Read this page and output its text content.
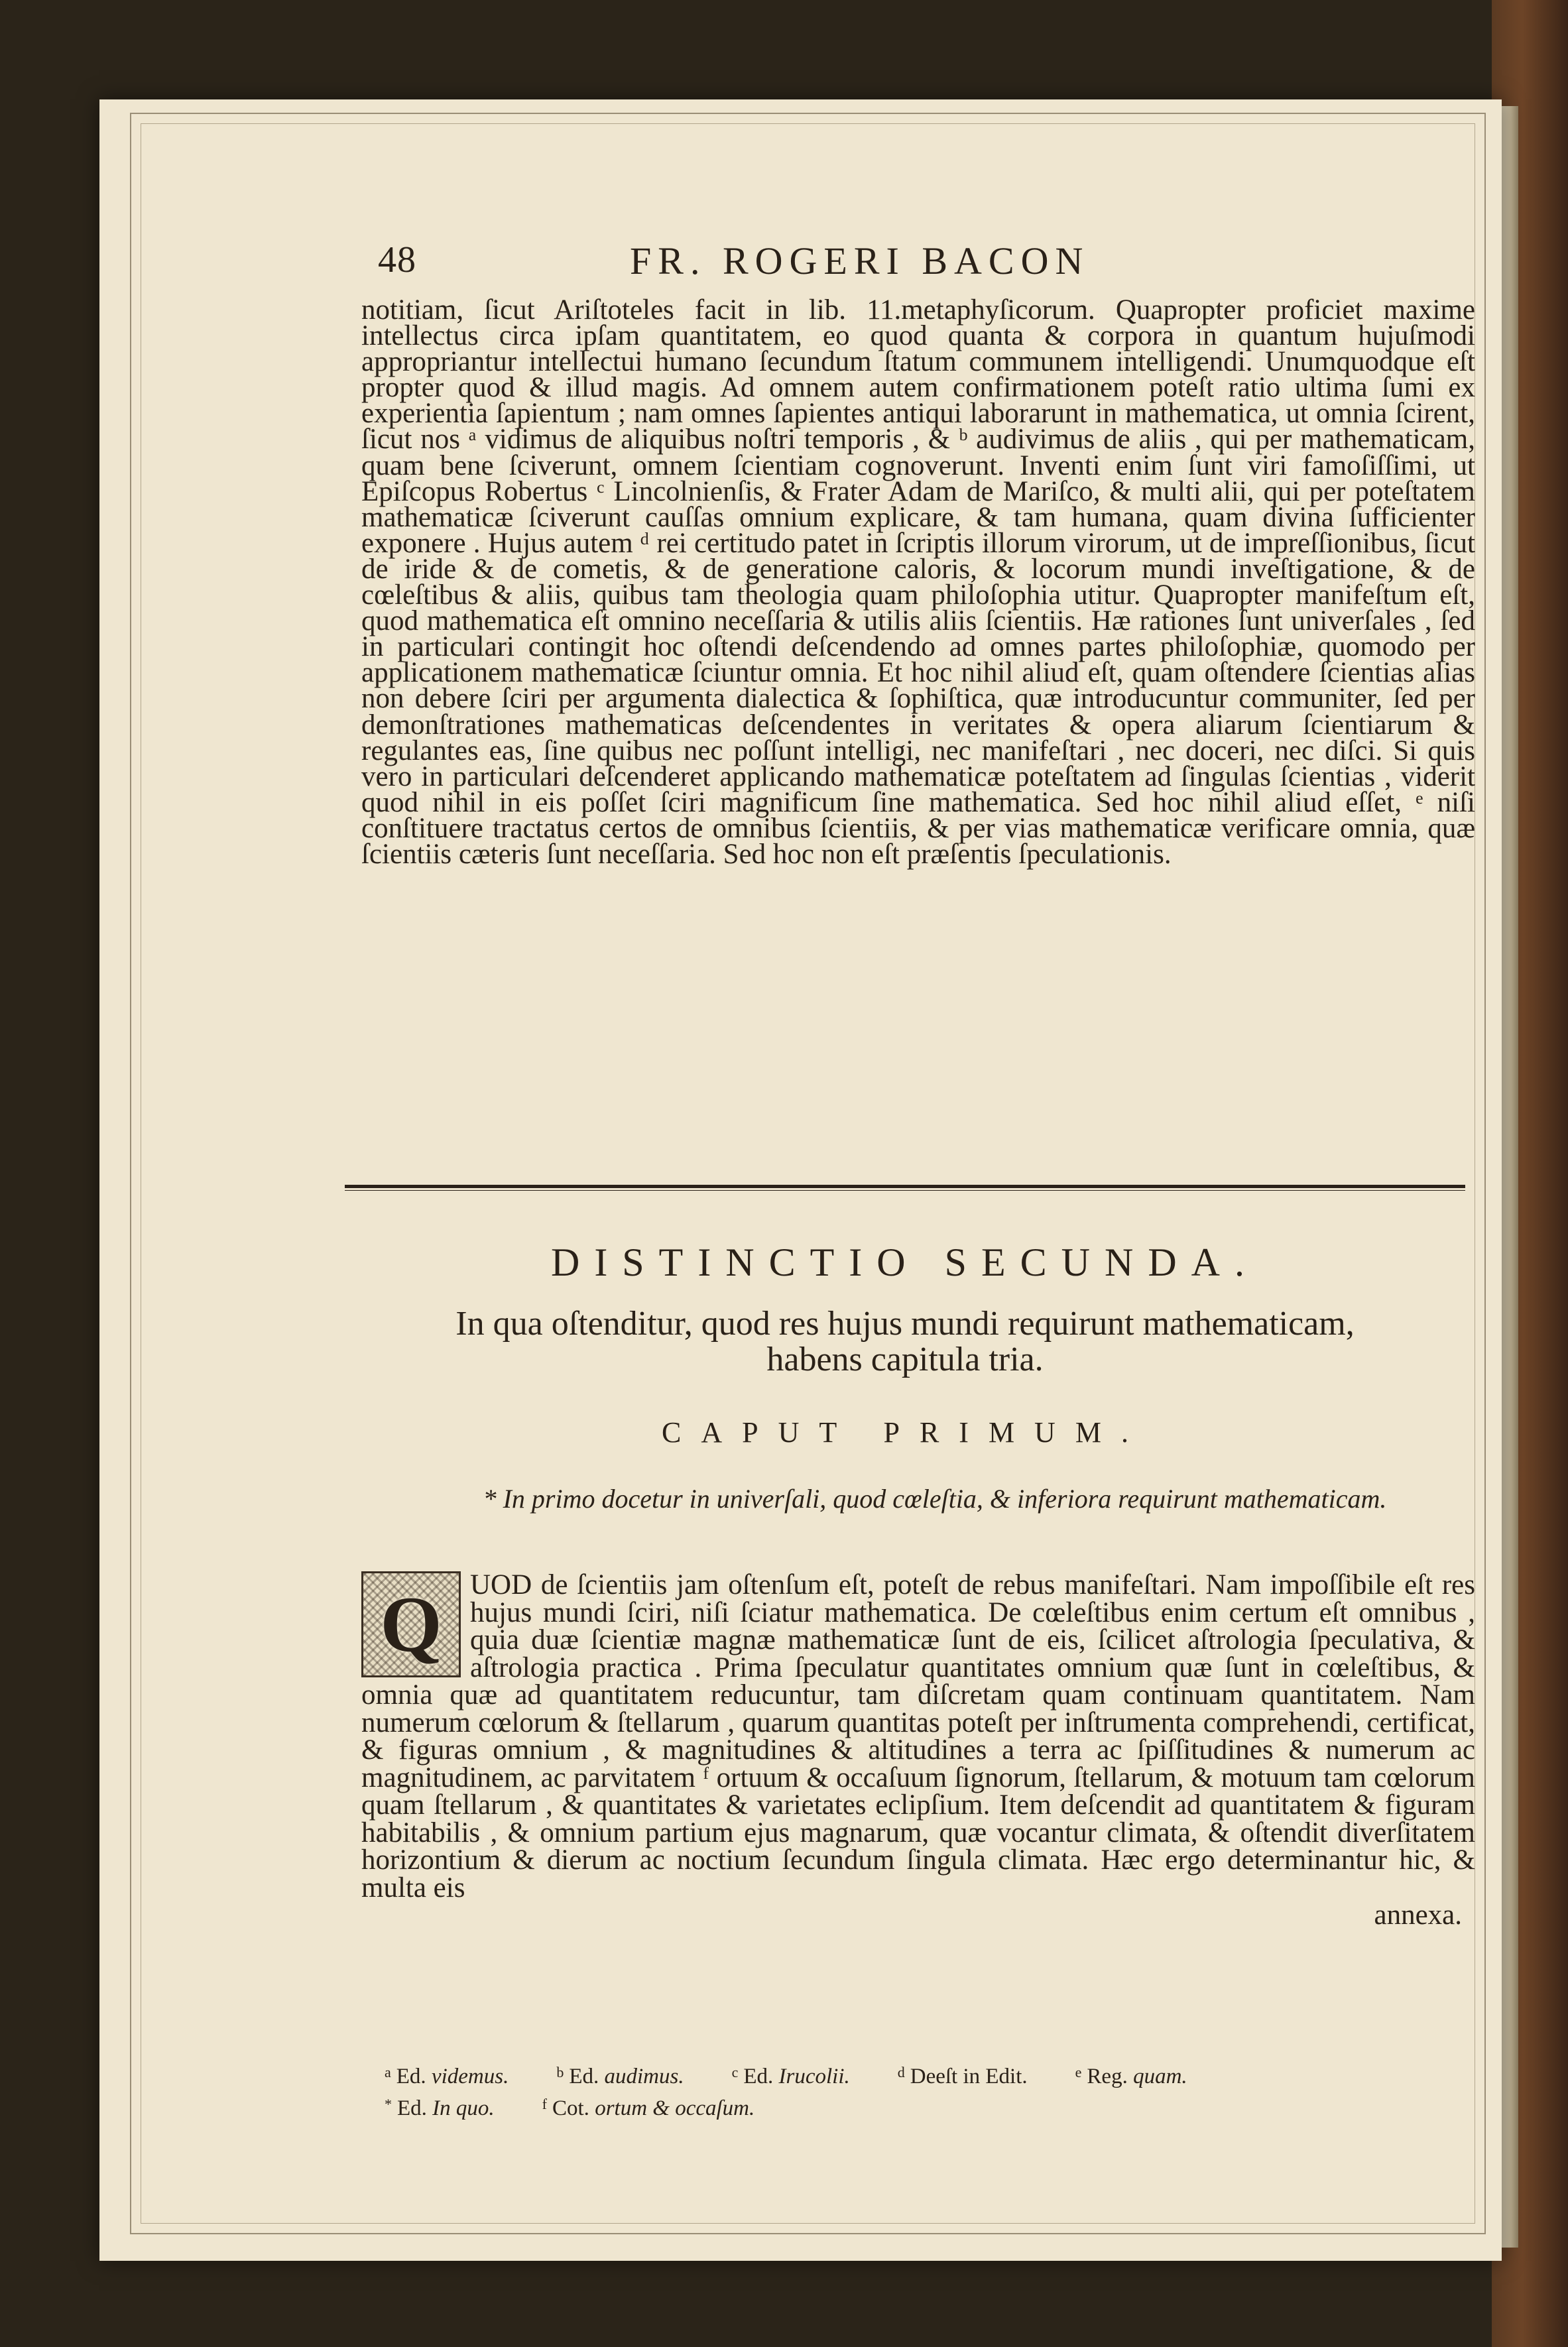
48	FR. ROGERI BACON

notitiam, ſicut Ariſtoteles facit in lib. 11.metaphyſicorum. Quapropter proficiet maxime intellectus circa ipſam quantitatem, eo quod quanta & corpora in quantum hujuſmodi appropriantur intellectui humano ſecundum ſtatum communem intelligendi. Unumquodque eſt propter quod & illud magis. Ad omnem autem confirmationem poteſt ratio ultima ſumi ex experientia ſapientum ; nam omnes ſapientes antiqui laborarunt in mathematica, ut omnia ſcirent, ſicut nos ᵃ vidimus de aliquibus noſtri temporis , & ᵇ audivimus de aliis , qui per mathematicam, quam bene ſciverunt, omnem ſcientiam cognoverunt. Inventi enim ſunt viri famoſiſſimi, ut Epiſcopus Robertus ᶜ Lincolnienſis, & Frater Adam de Mariſco, & multi alii, qui per poteſtatem mathematicæ ſciverunt cauſſas omnium explicare, & tam humana, quam divina ſufficienter exponere . Hujus autem ᵈ rei certitudo patet in ſcriptis illorum virorum, ut de impreſſionibus, ſicut de iride & de cometis, & de generatione caloris, & locorum mundi inveſtigatione, & de cœleſtibus & aliis, quibus tam theologia quam philoſophia utitur. Quapropter manifeſtum eſt, quod mathematica eſt omnino neceſſaria & utilis aliis ſcientiis. Hæ rationes ſunt univerſales , ſed in particulari contingit hoc oſtendi deſcendendo ad omnes partes philoſophiæ, quomodo per applicationem mathematicæ ſciuntur omnia. Et hoc nihil aliud eſt, quam oſtendere ſcientias alias non debere ſciri per argumenta dialectica & ſophiſtica, quæ introducuntur communiter, ſed per demonſtrationes mathematicas deſcendentes in veritates & opera aliarum ſcientiarum & regulantes eas, ſine quibus nec poſſunt intelligi, nec manifeſtari , nec doceri, nec diſci. Si quis vero in particulari deſcenderet applicando mathematicæ poteſtatem ad ſingulas ſcientias , viderit quod nihil in eis poſſet ſciri magnificum ſine mathematica. Sed hoc nihil aliud eſſet, ᵉ niſi conſtituere tractatus certos de omnibus ſcientiis, & per vias mathematicæ verificare omnia, quæ ſcientiis cæteris ſunt neceſſaria. Sed hoc non eſt præſentis ſpeculationis.

DISTINCTIO SECUNDA.
In qua oſtenditur, quod res hujus mundi requirunt mathematicam,
habens capitula tria.
CAPUT PRIMUM.
* In primo docetur in univerſali, quod cœleſtia, & inferiora requirunt mathematicam.
Q UOD de ſcientiis jam oſtenſum eſt, poteſt de rebus manifeſtari. Nam impoſſibile eſt res hujus mundi ſciri, niſi ſciatur mathematica. De cœleſtibus enim certum eſt omnibus , quia duæ ſcientiæ magnæ mathematicæ ſunt de eis, ſcilicet aſtrologia ſpeculativa, & aſtrologia practica . Prima ſpeculatur quantitates omnium quæ ſunt in cœleſtibus, & omnia quæ ad quantitatem reducuntur, tam diſcretam quam continuam quantitatem. Nam numerum cœlorum & ſtellarum , quarum quantitas poteſt per inſtrumenta comprehendi, certificat, & figuras omnium , & magnitudines & altitudines a terra ac ſpiſſitudines & numerum ac magnitudinem, ac parvitatem ᶠ ortuum & occaſuum ſignorum, ſtellarum, & motuum tam cœlorum quam ſtellarum , & quantitates & varietates eclipſium. Item deſcendit ad quantitatem & figuram habitabilis , & omnium partium ejus magnarum, quæ vocantur climata, & oſtendit diverſitatem horizontium & dierum ac noctium ſecundum ſingula climata. Hæc ergo determinantur hic, & multa eis

annexa.

$^a$ Ed. videmus.	$^b$ Ed. audimus.	$^c$ Ed. Irucolii.	$^d$ Deeſt in Edit.	$^e$ Reg. quam.
* Ed. In quo.	$^f$ Cot. ortum & occaſum.
